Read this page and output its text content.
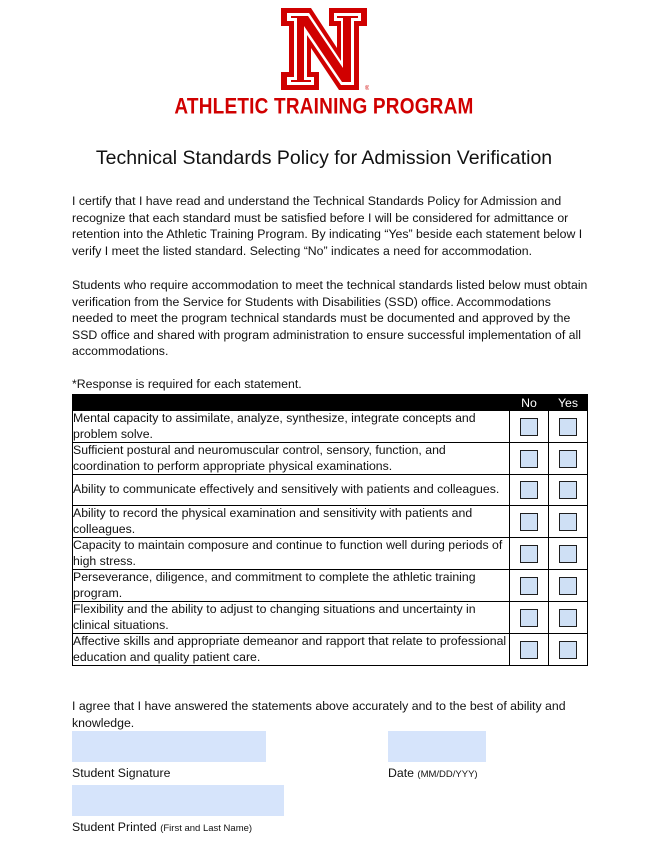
®
ATHLETIC TRAINING PROGRAM
Technical Standards Policy for Admission Verification

I certify that I have read and understand the Technical Standards Policy for Admission and recognize that each standard must be satisfied before I will be considered for admittance or retention into the Athletic Training Program. By indicating “Yes” beside each statement below I verify I meet the listed standard. Selecting “No” indicates a need for accommodation.

Students who require accommodation to meet the technical standards listed below must obtain verification from the Service for Students with Disabilities (SSD) office. Accommodations needed to meet the program technical standards must be documented and approved by the SSD office and shared with program administration to ensure successful implementation of all accommodations.

*Response is required for each statement.
	No	Yes
Mental capacity to assimilate, analyze, synthesize, integrate concepts and problem solve.		
Sufficient postural and neuromuscular control, sensory, function, and coordination to perform appropriate physical examinations.		
Ability to communicate effectively and sensitively with patients and colleagues.		
Ability to record the physical examination and sensitivity with patients and colleagues.		
Capacity to maintain composure and continue to function well during periods of high stress.		
Perseverance, diligence, and commitment to complete the athletic training program.		
Flexibility and the ability to adjust to changing situations and uncertainty in clinical situations.		
Affective skills and appropriate demeanor and rapport that relate to professional education and quality patient care.		

I agree that I have answered the statements above accurately and to the best of ability and knowledge.

Student Signature	Date (MM/DD/YYY)
Student Printed (First and Last Name)
